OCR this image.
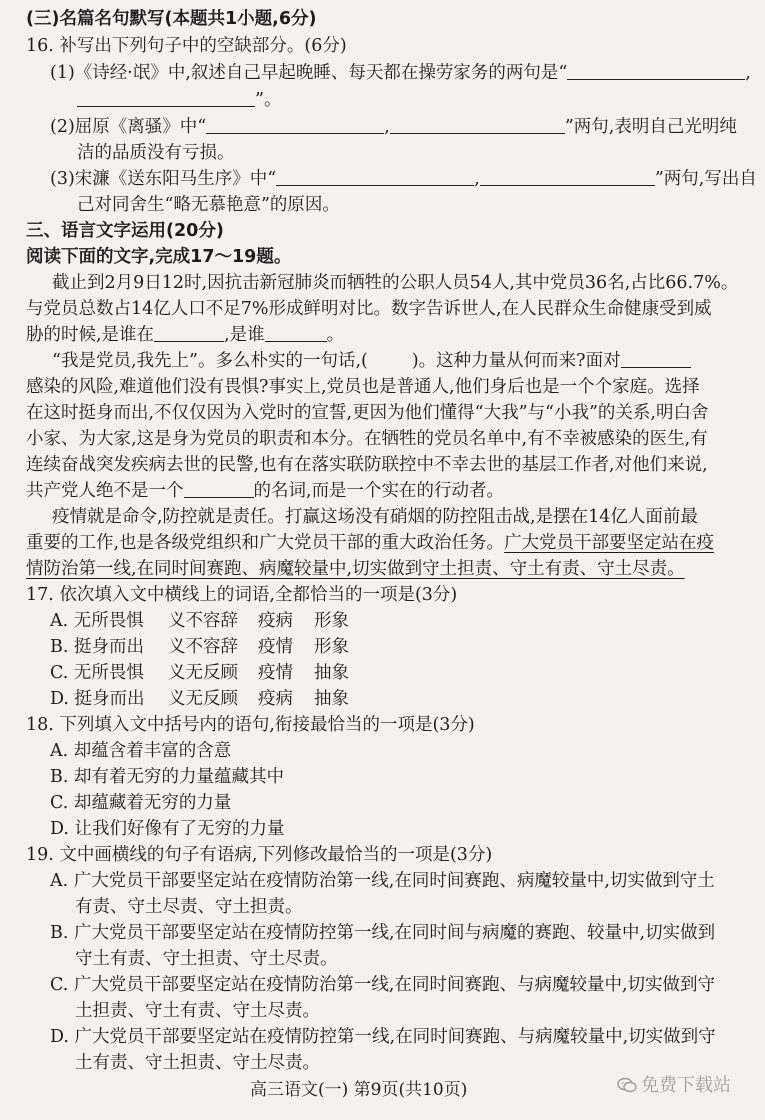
(三)名篇名句默写(本题共1小题,6分)
16. 补写出下列句子中的空缺部分。(6分)
(1)《诗经·氓》中,叙述自己早起晚睡、每天都在操劳家务的两句是“	,
”。
(2)屈原《离骚》中“	,	”两句,表明自己光明纯
洁的品质没有亏损。
(3)宋濂《送东阳马生序》中“	,	”两句,写出自
己对同舍生“略无慕艳意”的原因。
三、语言文字运用(20分)
阅读下面的文字,完成17～19题。
截止到2月9日12时,因抗击新冠肺炎而牺牲的公职人员54人,其中党员36名,占比66.7%。
与党员总数占14亿人口不足7%形成鲜明对比。数字告诉世人,在人民群众生命健康受到威
胁的时候,是谁在	,是谁	。
“我是党员,我先上”。多么朴实的一句话,(	)。这种力量从何而来?面对
感染的风险,难道他们没有畏惧?事实上,党员也是普通人,他们身后也是一个个家庭。选择
在这时挺身而出,不仅仅因为入党时的宣誓,更因为他们懂得“大我”与“小我”的关系,明白舍
小家、为大家,这是身为党员的职责和本分。在牺牲的党员名单中,有不幸被感染的医生,有
连续奋战突发疾病去世的民警,也有在落实联防联控中不幸去世的基层工作者,对他们来说,
共产党人绝不是一个	的名词,而是一个实在的行动者。
疫情就是命令,防控就是责任。打赢这场没有硝烟的防控阻击战,是摆在14亿人面前最
重要的工作,也是各级党组织和广大党员干部的重大政治任务。广大党员干部要坚定站在疫
情防治第一线,在同时间赛跑、病魔较量中,切实做到守土担责、守土有责、守土尽责。
17. 依次填入文中横线上的词语,全都恰当的一项是(3分)
A. 无所畏惧 义不容辞 疫病 形象
B. 挺身而出 义不容辞 疫情 形象
C. 无所畏惧 义无反顾 疫情 抽象
D. 挺身而出 义无反顾 疫病 抽象
18. 下列填入文中括号内的语句,衔接最恰当的一项是(3分)
A. 却蕴含着丰富的含意
B. 却有着无穷的力量蕴藏其中
C. 却蕴藏着无穷的力量
D. 让我们好像有了无穷的力量
19. 文中画横线的句子有语病,下列修改最恰当的一项是(3分)
A. 广大党员干部要坚定站在疫情防治第一线,在同时间赛跑、病魔较量中,切实做到守土
有责、守土尽责、守土担责。
B. 广大党员干部要坚定站在疫情防控第一线,在同时间与病魔的赛跑、较量中,切实做到
守土有责、守土担责、守土尽责。
C. 广大党员干部要坚定站在疫情防治第一线,在同时间赛跑、与病魔较量中,切实做到守
土担责、守土有责、守土尽责。
D. 广大党员干部要坚定站在疫情防控第一线,在同时间赛跑、与病魔较量中,切实做到守
土有责、守土担责、守土尽责。
高三语文(一) 第9页(共10页)	免费下载站
